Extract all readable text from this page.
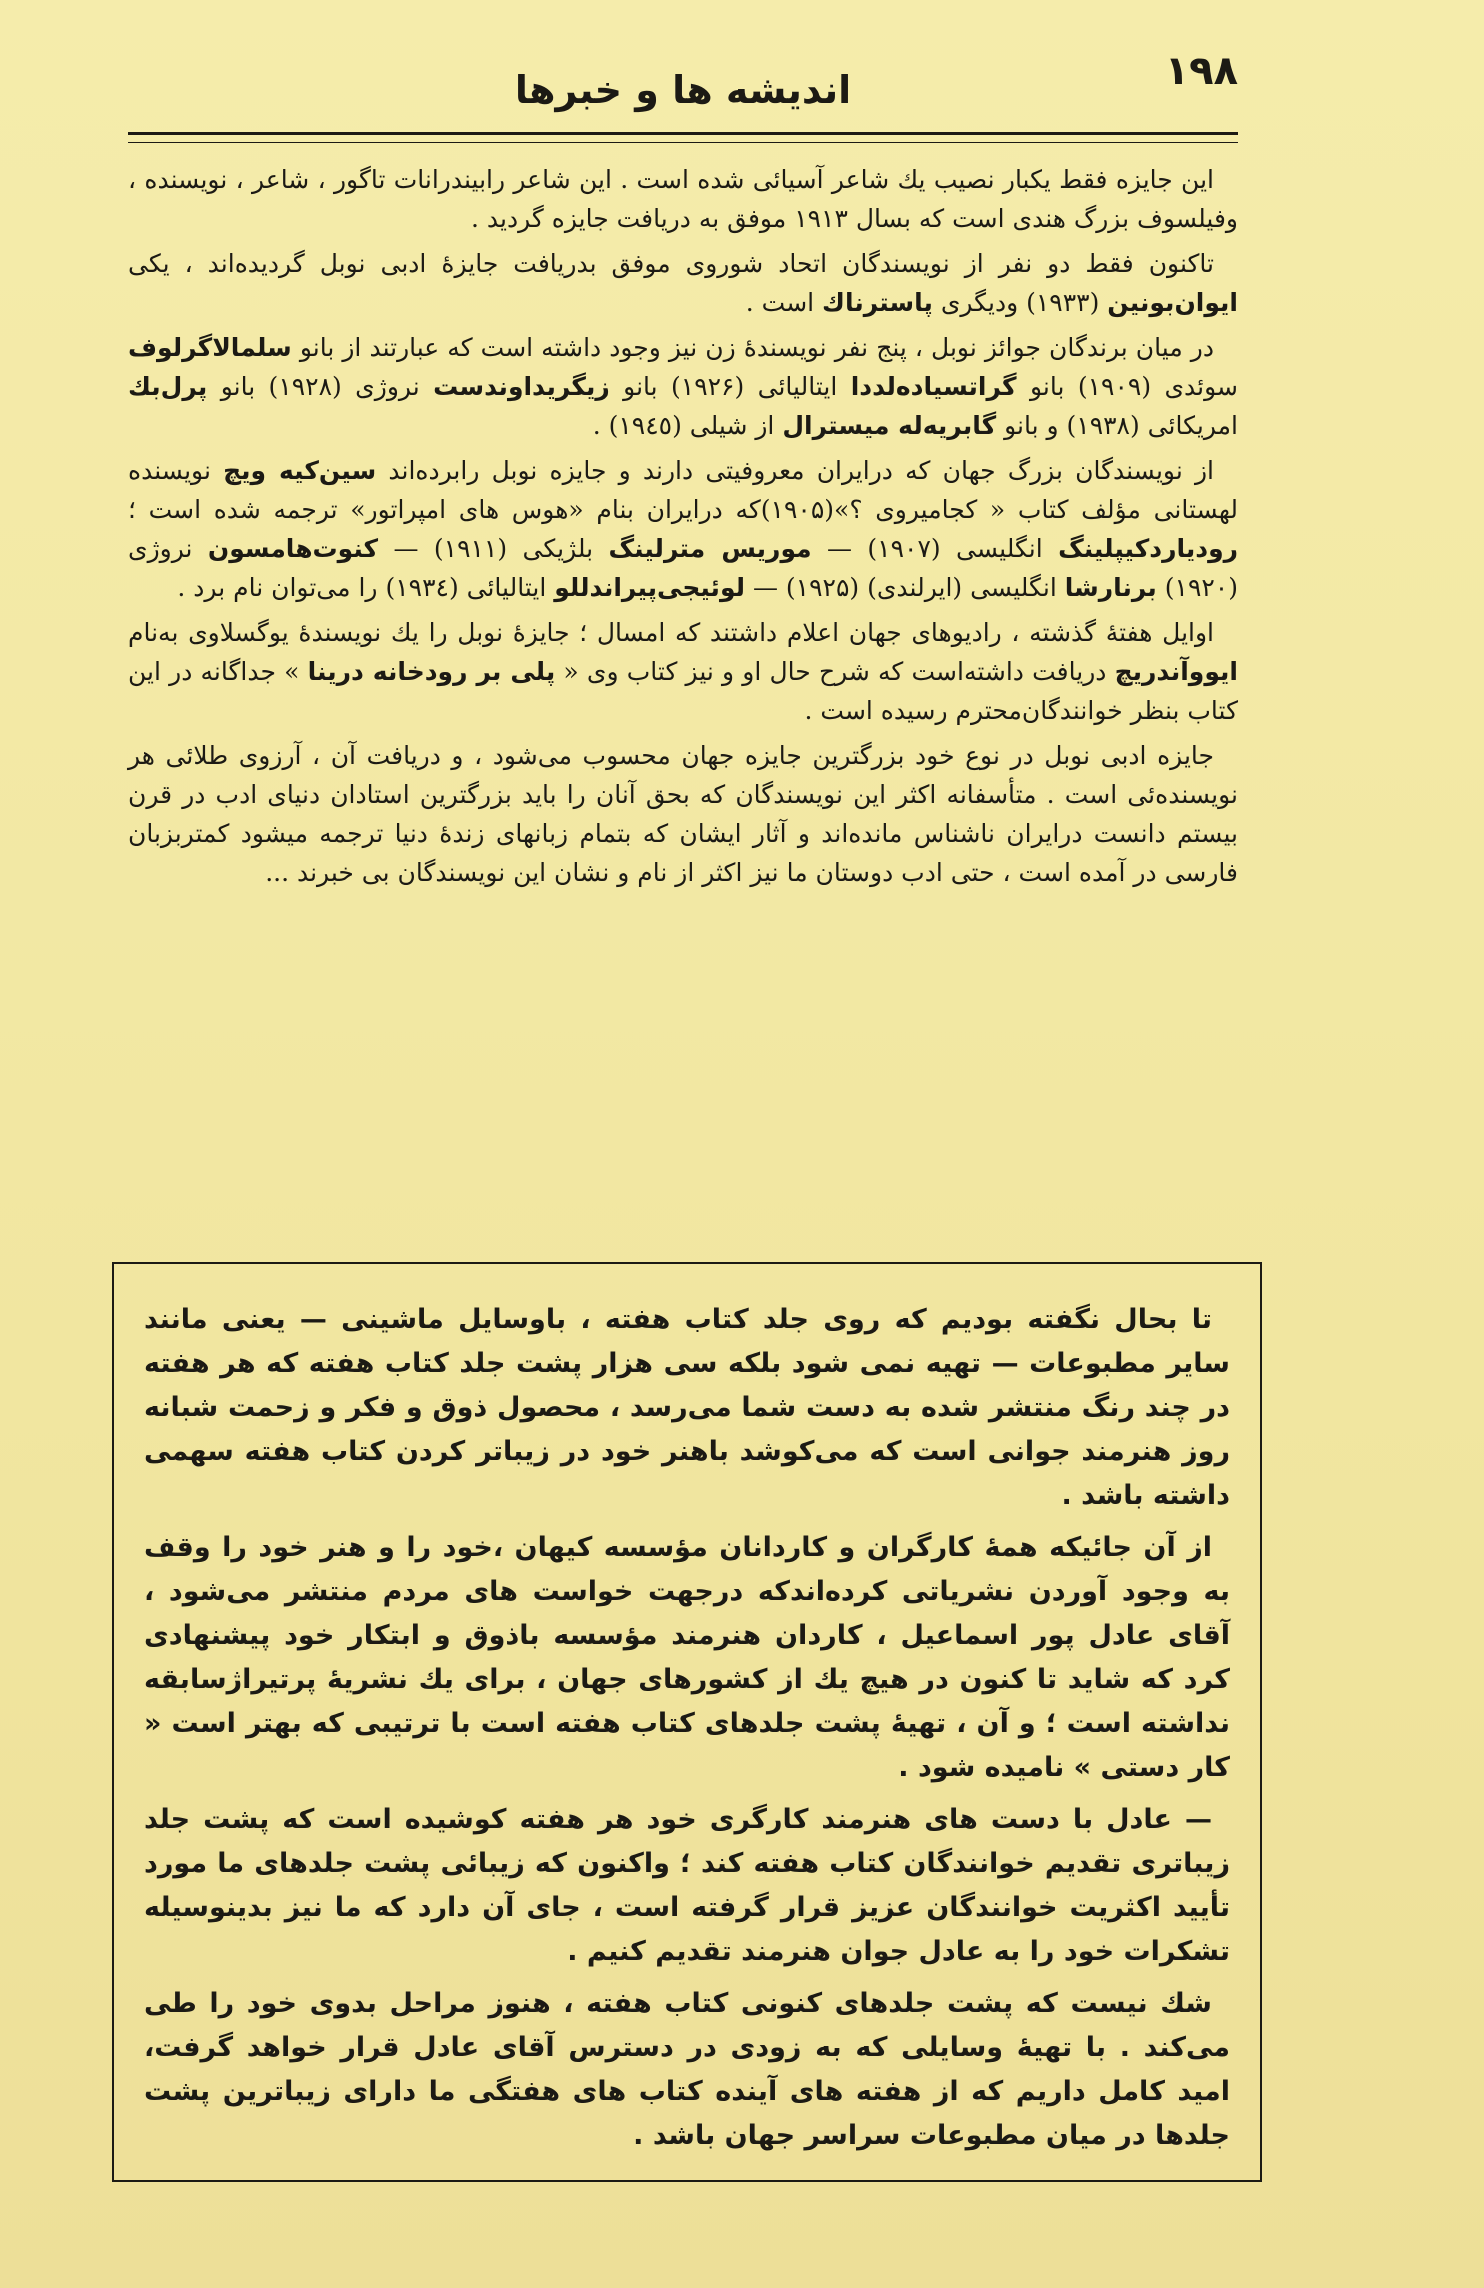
۱۹۸
اندیشه ها و خبرها

این جایزه فقط یکبار نصیب یك شاعر آسیائی شده است . این شاعر رابیندرانات تاگور ، شاعر ، نویسنده ، وفیلسوف بزرگ هندی است که بسال ۱۹۱۳ موفق به دریافت جایزه گردید .

تاکنون فقط دو نفر از نویسندگان اتحاد شوروی موفق بدریافت جایزهٔ ادبی نوبل گردیده‌اند ، یکی ایوان‌بونین (۱۹۳۳) ودیگری پاسترناك است .

در میان برندگان جوائز نوبل ، پنج نفر نویسندهٔ زن نیز وجود داشته است که عبارتند از بانو سلمالاگرلوف سوئدی (۱۹۰۹) بانو گراتسیاده‌لددا ایتالیائی (۱۹۲۶) بانو زیگریداوندست نروژی (۱۹۲۸) بانو پرل‌بك امریکائی (۱۹۳۸) و بانو گابریه‌له میسترال از شیلی (۱۹٤٥) .

از نویسندگان بزرگ جهان که درایران معروفیتی دارند و جایزه نوبل رابرده‌اند سین‌کیه ویچ نویسنده لهستانی مؤلف کتاب « کجامیروی ؟»(۱۹۰۵)که درایران بنام «هوس های امپراتور» ترجمه شده است ؛ رودیاردکیپلینگ انگلیسی (۱۹۰۷) — موریس مترلینگ بلژیکی (۱۹۱۱) — کنوت‌هامسون نروژی (۱۹۲۰) برنارشا انگلیسی (ایرلندی) (۱۹۲۵) — لوئیجی‌پیراندللو ایتالیائی (۱۹۳٤) را می‌توان نام برد .

اوایل هفتهٔ گذشته ، رادیوهای جهان اعلام داشتند که امسال ؛ جایزهٔ نوبل را یك نویسندهٔ یوگسلاوی به‌نام ایووآندریچ دریافت داشته‌است که شرح حال او و نیز کتاب وی « پلی بر رودخانه درینا » جداگانه در این کتاب بنظر خوانندگان‌محترم رسیده است .

جایزه ادبی نوبل در نوع خود بزرگترین جایزه جهان محسوب می‌شود ، و دریافت آن ، آرزوی طلائی هر نویسنده‌ئی است . متأسفانه اکثر این نویسندگان که بحق آنان را باید بزرگترین استادان دنیای ادب در قرن بیستم دانست درایران ناشناس مانده‌اند و آثار ایشان که بتمام زبانهای زندهٔ دنیا ترجمه میشود کمتربزبان فارسی در آمده است ، حتی ادب دوستان ما نیز اکثر از نام و نشان این نویسندگان بی خبرند ...

تا بحال نگفته بودیم که روی جلد کتاب هفته ، باوسایل ماشینی — یعنی مانند سایر مطبوعات — تهیه نمی شود بلکه سی هزار پشت جلد کتاب هفته که هر هفته در چند رنگ منتشر شده به دست شما می‌رسد ، محصول ذوق و فکر و زحمت شبانه روز هنرمند جوانی است که می‌کوشد باهنر خود در زیباتر کردن کتاب هفته سهمی داشته باشد .

از آن جائیکه همهٔ کارگران و کاردانان مؤسسه کیهان ،خود را و هنر خود را وقف به وجود آوردن نشریاتی کرده‌اندکه درجهت خواست های مردم منتشر می‌شود ، آقای عادل پور اسماعیل ، کاردان هنرمند مؤسسه باذوق و ابتکار خود پیشنهادی کرد که شاید تا کنون در هیچ یك از کشورهای جهان ، برای یك نشریهٔ پرتیراژسابقه نداشته است ؛ و آن ، تهیهٔ پشت جلدهای کتاب هفته است با ترتیبی که بهتر است « کار دستی » نامیده شود .

— عادل با دست های هنرمند کارگری خود هر هفته کوشیده است که پشت جلد زیباتری تقدیم خوانندگان کتاب هفته کند ؛ واکنون که زیبائی پشت جلدهای ما مورد تأیید اکثریت خوانندگان عزیز قرار گرفته است ، جای آن دارد که ما نیز بدینوسیله تشکرات خود را به عادل جوان هنرمند تقدیم کنیم .

شك نیست که پشت جلدهای کنونی کتاب هفته ، هنوز مراحل بدوی خود را طی می‌کند . با تهیهٔ وسایلی که به زودی در دسترس آقای عادل قرار خواهد گرفت، امید کامل داریم که از هفته های آینده کتاب های هفتگی ما دارای زیباترین پشت جلدها در میان مطبوعات سراسر جهان باشد .
